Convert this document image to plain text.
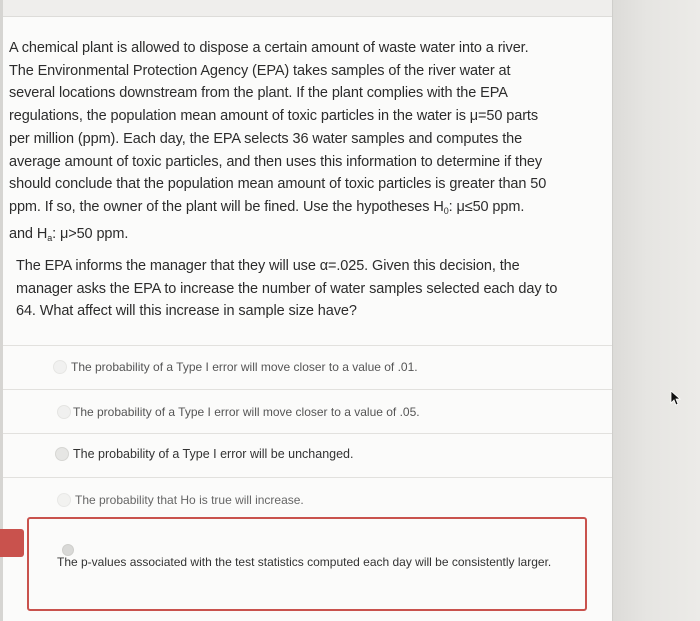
A chemical plant is allowed to dispose a certain amount of waste water into a river.
The Environmental Protection Agency (EPA) takes samples of the river water at
several locations downstream from the plant. If the plant complies with the EPA
regulations, the population mean amount of toxic particles in the water is μ=50 parts
per million (ppm). Each day, the EPA selects 36 water samples and computes the
average amount of toxic particles, and then uses this information to determine if they
should conclude that the population mean amount of toxic particles is greater than 50
ppm. If so, the owner of the plant will be fined. Use the hypotheses $H_0$: μ≤50 ppm.
and $H_a$: μ>50 ppm.
The EPA informs the manager that they will use α=.025. Given this decision, the
manager asks the EPA to increase the number of water samples selected each day to
64. What affect will this increase in sample size have?
The probability of a Type I error will move closer to a value of .01.
The probability of a Type I error will move closer to a value of .05.
The probability of a Type I error will be unchanged.
The probability that Ho is true will increase.
The p-values associated with the test statistics computed each day will be consistently larger.
